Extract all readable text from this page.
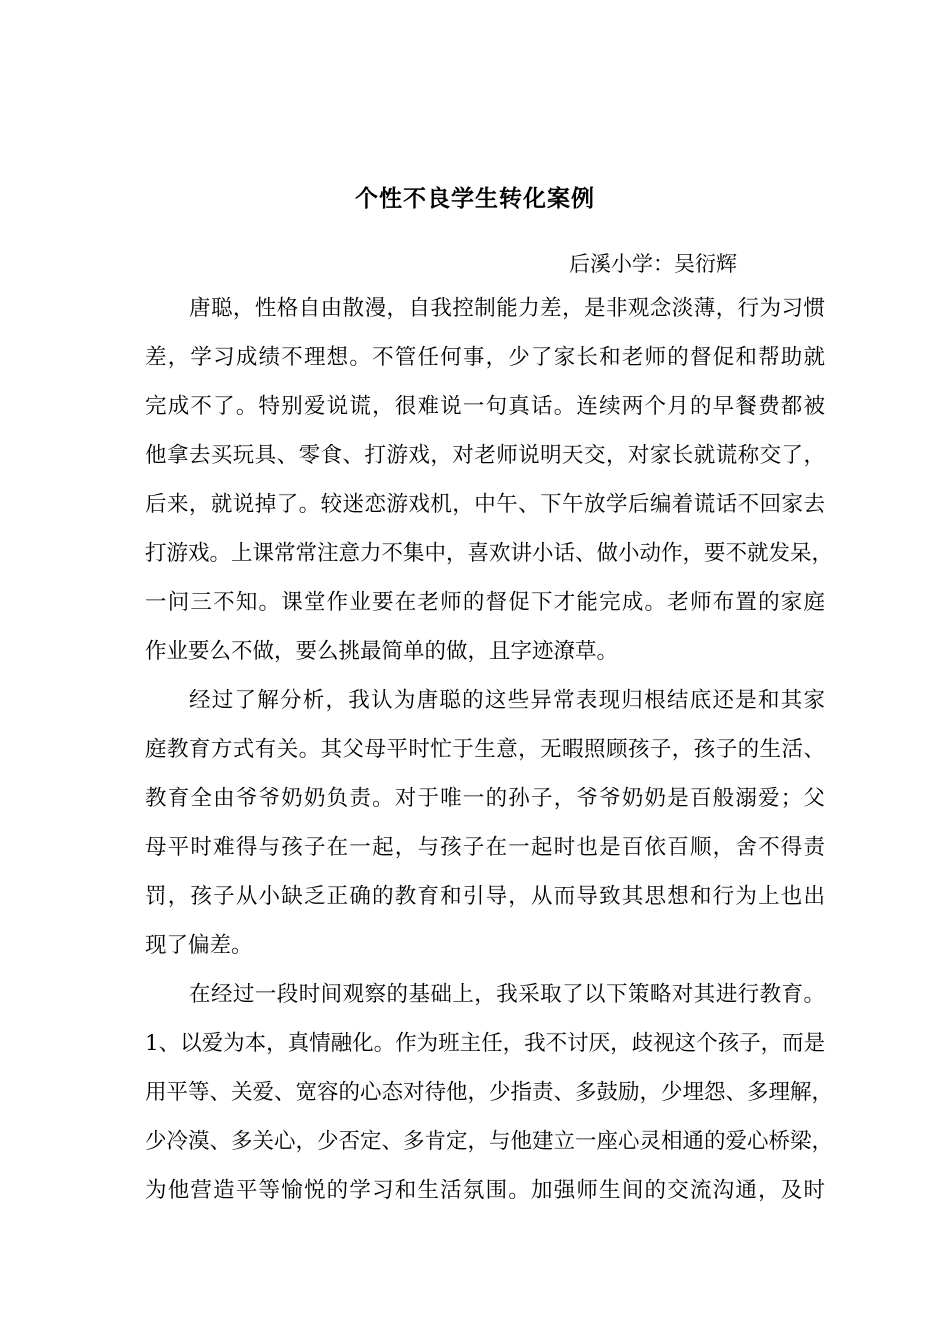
个性不良学生转化案例
后溪小学：吴衍辉
唐聪，性格自由散漫，自我控制能力差，是非观念淡薄，行为习惯
差，学习成绩不理想。不管任何事，少了家长和老师的督促和帮助就
完成不了。特别爱说谎，很难说一句真话。连续两个月的早餐费都被
他拿去买玩具、零食、打游戏，对老师说明天交，对家长就谎称交了，
后来，就说掉了。较迷恋游戏机，中午、下午放学后编着谎话不回家去
打游戏。上课常常注意力不集中，喜欢讲小话、做小动作，要不就发呆，
一问三不知。课堂作业要在老师的督促下才能完成。老师布置的家庭
作业要么不做，要么挑最简单的做，且字迹潦草。
经过了解分析，我认为唐聪的这些异常表现归根结底还是和其家
庭教育方式有关。其父母平时忙于生意，无暇照顾孩子，孩子的生活、
教育全由爷爷奶奶负责。对于唯一的孙子，爷爷奶奶是百般溺爱；父
母平时难得与孩子在一起，与孩子在一起时也是百依百顺，舍不得责
罚，孩子从小缺乏正确的教育和引导，从而导致其思想和行为上也出
现了偏差。
在经过一段时间观察的基础上，我采取了以下策略对其进行教育。
1、以爱为本，真情融化。作为班主任，我不讨厌，歧视这个孩子，而是
用平等、关爱、宽容的心态对待他，少指责、多鼓励，少埋怨、多理解，
少冷漠、多关心，少否定、多肯定，与他建立一座心灵相通的爱心桥梁，
为他营造平等愉悦的学习和生活氛围。加强师生间的交流沟通，及时
